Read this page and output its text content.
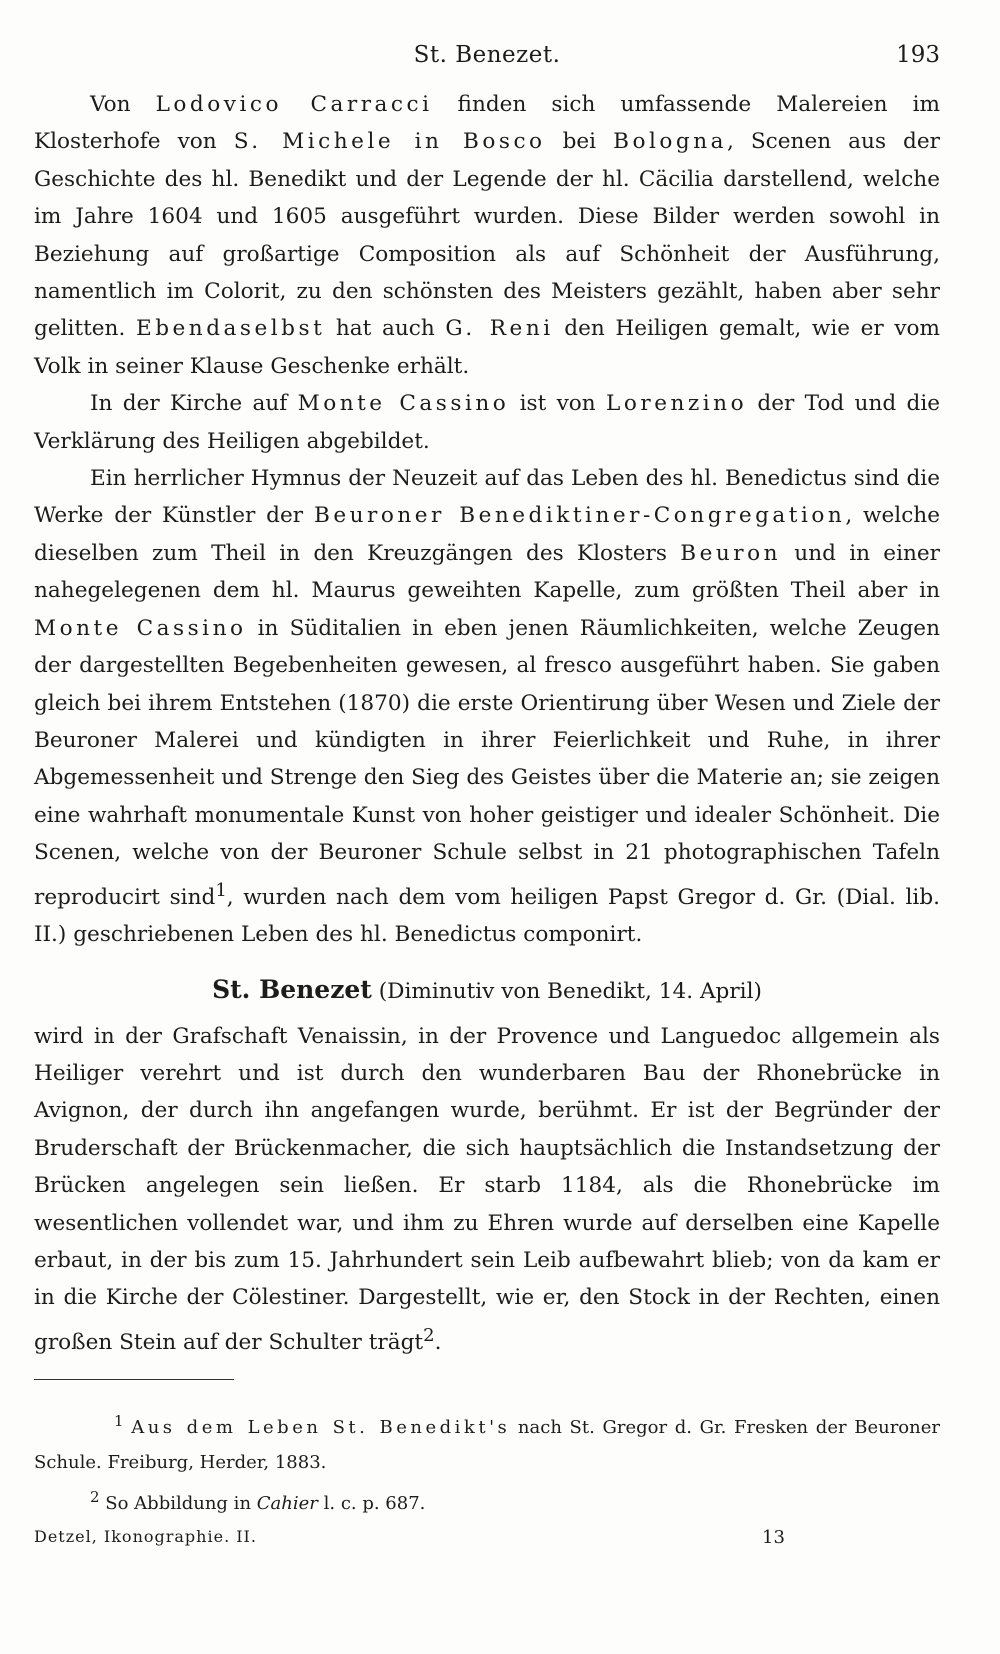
St. Benezet.	193

Von Lodovico Carracci finden sich umfassende Malereien im Klosterhofe von S. Michele in Bosco bei Bologna, Scenen aus der Geschichte des hl. Benedikt und der Legende der hl. Cäcilia darstellend, welche im Jahre 1604 und 1605 ausgeführt wurden. Diese Bilder werden sowohl in Beziehung auf großartige Composition als auf Schönheit der Ausführung, namentlich im Colorit, zu den schönsten des Meisters gezählt, haben aber sehr gelitten. Ebendaselbst hat auch G. Reni den Heiligen gemalt, wie er vom Volk in seiner Klause Geschenke erhält.

In der Kirche auf Monte Cassino ist von Lorenzino der Tod und die Verklärung des Heiligen abgebildet.

Ein herrlicher Hymnus der Neuzeit auf das Leben des hl. Benedictus sind die Werke der Künstler der Beuroner Benediktiner-Congregation, welche dieselben zum Theil in den Kreuzgängen des Klosters Beuron und in einer nahegelegenen dem hl. Maurus geweihten Kapelle, zum größten Theil aber in Monte Cassino in Süditalien in eben jenen Räumlichkeiten, welche Zeugen der dargestellten Begebenheiten gewesen, al fresco ausgeführt haben. Sie gaben gleich bei ihrem Entstehen (1870) die erste Orientirung über Wesen und Ziele der Beuroner Malerei und kündigten in ihrer Feierlichkeit und Ruhe, in ihrer Abgemessenheit und Strenge den Sieg des Geistes über die Materie an; sie zeigen eine wahrhaft monumentale Kunst von hoher geistiger und idealer Schönheit. Die Scenen, welche von der Beuroner Schule selbst in 21 photographischen Tafeln reproducirt sind$^1$, wurden nach dem vom heiligen Papst Gregor d. Gr. (Dial. lib. II.) geschriebenen Leben des hl. Benedictus componirt.

St. Benezet (Diminutiv von Benedikt, 14. April)

wird in der Grafschaft Venaissin, in der Provence und Languedoc allgemein als Heiliger verehrt und ist durch den wunderbaren Bau der Rhonebrücke in Avignon, der durch ihn angefangen wurde, berühmt. Er ist der Begründer der Bruderschaft der Brückenmacher, die sich hauptsächlich die Instandsetzung der Brücken angelegen sein ließen. Er starb 1184, als die Rhonebrücke im wesentlichen vollendet war, und ihm zu Ehren wurde auf derselben eine Kapelle erbaut, in der bis zum 15. Jahrhundert sein Leib aufbewahrt blieb; von da kam er in die Kirche der Cölestiner. Dargestellt, wie er, den Stock in der Rechten, einen großen Stein auf der Schulter trägt$^2$.

$^1$ Aus dem Leben St. Benedikt's nach St. Gregor d. Gr. Fresken der Beuroner Schule. Freiburg, Herder, 1883.

$^2$ So Abbildung in Cahier l. c. p. 687.

Detzel, Ikonographie. II.	13
